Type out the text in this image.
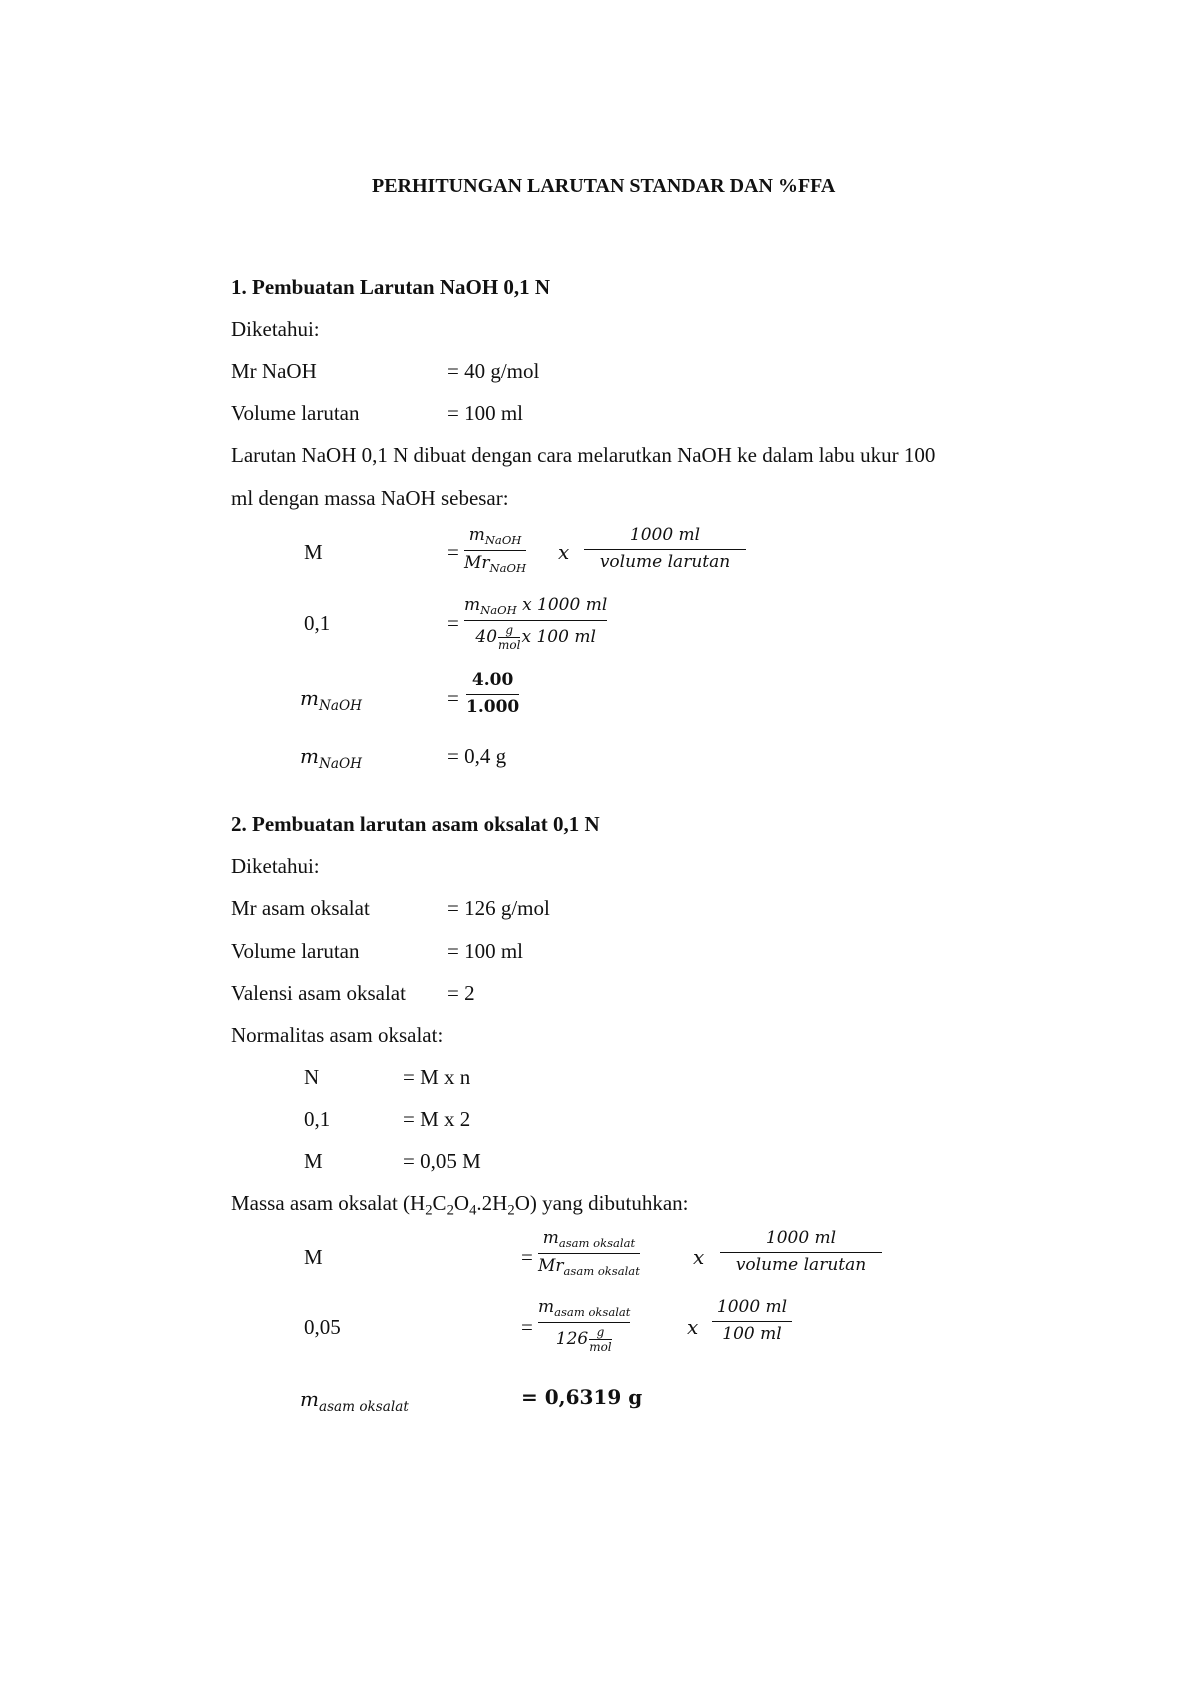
PERHITUNGAN LARUTAN STANDAR DAN %FFA
1. Pembuatan Larutan NaOH 0,1 N
Diketahui:
Mr NaOH	= 40 g/mol
Volume larutan	= 100 ml
Larutan NaOH 0,1 N dibuat dengan cara melarutkan NaOH ke dalam labu ukur 100
ml dengan massa NaOH sebesar:
M	=
$m_{NaOH}$
$Mr_{NaOH}$
x
1000 ml
volume larutan
0,1	=
$m_{NaOH}$ x 1000 ml
$40\frac{g}{\text{mol}}x$ 100 ml
$m_{NaOH}$	=
4.00
1.000
$m_{NaOH}$	= 0,4 g
2. Pembuatan larutan asam oksalat 0,1 N
Diketahui:
Mr asam oksalat	= 126 g/mol
Volume larutan	= 100 ml
Valensi asam oksalat = 2
Normalitas asam oksalat:
N	= M x n
0,1	= M x 2
M	= 0,05 M
Massa asam oksalat $(H_2C_2O_4.2H_2O)$ yang dibutuhkan:
M	=
$m_{asam oksalat}$
$Mr_{asam oksalat}$
x
1000 ml
volume larutan
0,05	=
$m_{asam oksalat}$
$126\frac{g}{\text{mol}}$	x
1000 ml
100 ml
$m_{asam oksalat}$	= 0,6319 g
